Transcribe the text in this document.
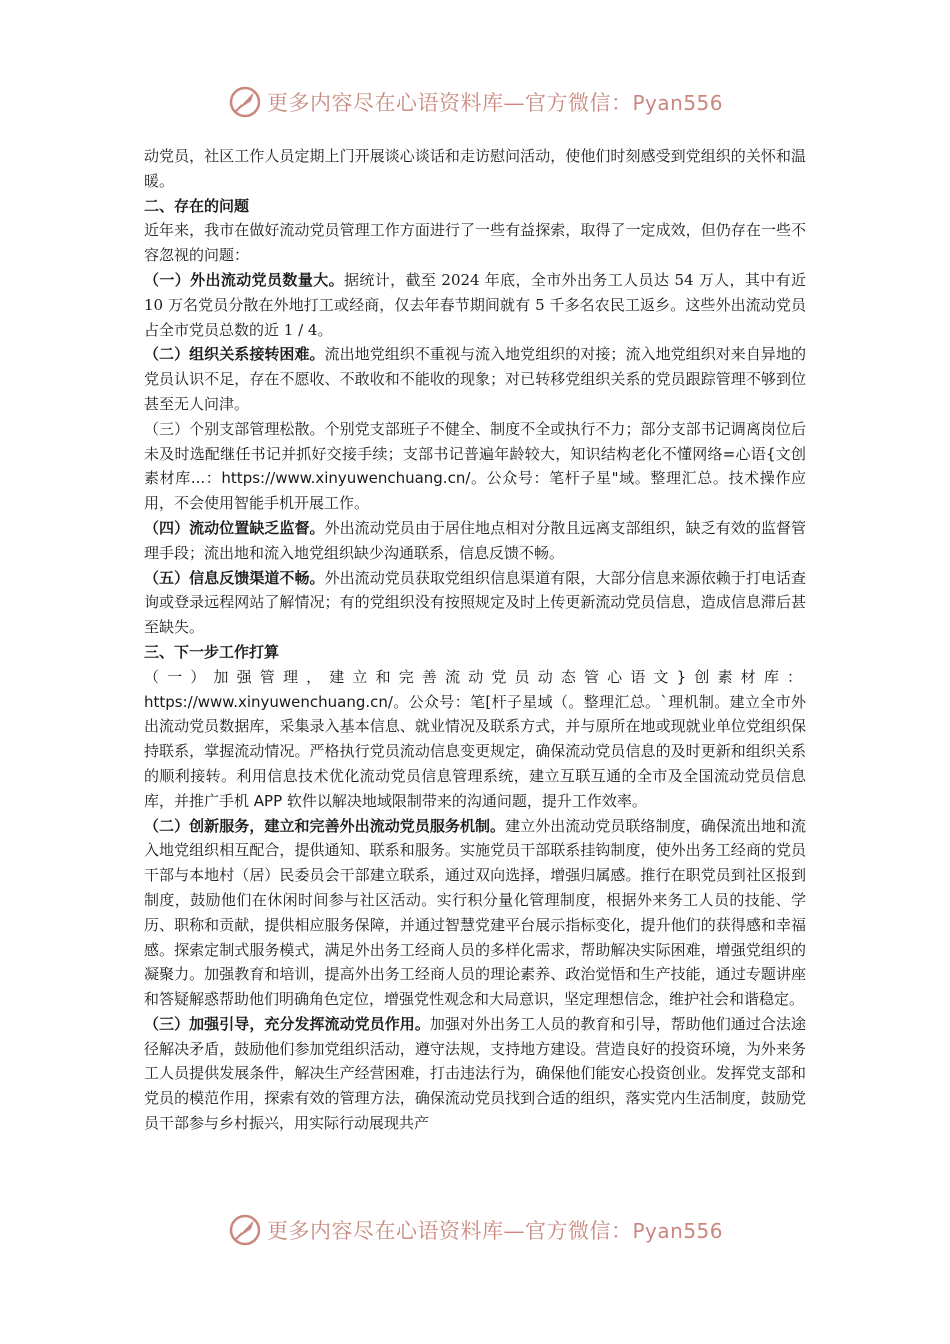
更多内容尽在心语资料库—官方微信：Pyan556

动党员，社区工作人员定期上门开展谈心谈话和走访慰问活动，使他们时刻感受到党组织的关怀和温暖。

二、存在的问题

近年来，我市在做好流动党员管理工作方面进行了一些有益探索，取得了一定成效，但仍存在一些不容忽视的问题：

（一）外出流动党员数量大。据统计，截至 2024 年底，全市外出务工人员达 54 万人，其中有近 10 万名党员分散在外地打工或经商，仅去年春节期间就有 5 千多名农民工返乡。这些外出流动党员占全市党员总数的近 1 / 4。

（二）组织关系接转困难。流出地党组织不重视与流入地党组织的对接；流入地党组织对来自异地的党员认识不足，存在不愿收、不敢收和不能收的现象；对已转移党组织关系的党员跟踪管理不够到位甚至无人问津。

（三）个别支部管理松散。个别党支部班子不健全、制度不全或执行不力；部分支部书记调离岗位后未及时选配继任书记并抓好交接手续；支部书记普遍年龄较大，知识结构老化不懂网络=心语{文创素材库...：https://www.xinyuwenchuang.cn/。公众号：笔杆子星"域。整理汇总。技术操作应用，不会使用智能手机开展工作。

（四）流动位置缺乏监督。外出流动党员由于居住地点相对分散且远离支部组织，缺乏有效的监督管理手段；流出地和流入地党组织缺少沟通联系，信息反馈不畅。

（五）信息反馈渠道不畅。外出流动党员获取党组织信息渠道有限，大部分信息来源依赖于打电话查询或登录远程网站了解情况；有的党组织没有按照规定及时上传更新流动党员信息，造成信息滞后甚至缺失。

三、下一步工作打算

（一）加强管理，建立和完善流动党员动态管心语文}创素材库：https://www.xinyuwenchuang.cn/。公众号：笔[杆子星域（。整理汇总。`理机制。建立全市外出流动党员数据库，采集录入基本信息、就业情况及联系方式，并与原所在地或现就业单位党组织保持联系，掌握流动情况。严格执行党员流动信息变更规定，确保流动党员信息的及时更新和组织关系的顺利接转。利用信息技术优化流动党员信息管理系统，建立互联互通的全市及全国流动党员信息库，并推广手机 APP 软件以解决地域限制带来的沟通问题，提升工作效率。

（二）创新服务，建立和完善外出流动党员服务机制。建立外出流动党员联络制度，确保流出地和流入地党组织相互配合，提供通知、联系和服务。实施党员干部联系挂钩制度，使外出务工经商的党员干部与本地村（居）民委员会干部建立联系，通过双向选择，增强归属感。推行在职党员到社区报到制度，鼓励他们在休闲时间参与社区活动。实行积分量化管理制度，根据外来务工人员的技能、学历、职称和贡献，提供相应服务保障，并通过智慧党建平台展示指标变化，提升他们的获得感和幸福感。探索定制式服务模式，满足外出务工经商人员的多样化需求，帮助解决实际困难，增强党组织的凝聚力。加强教育和培训，提高外出务工经商人员的理论素养、政治觉悟和生产技能，通过专题讲座和答疑解惑帮助他们明确角色定位，增强党性观念和大局意识，坚定理想信念，维护社会和谐稳定。

（三）加强引导，充分发挥流动党员作用。加强对外出务工人员的教育和引导，帮助他们通过合法途径解决矛盾，鼓励他们参加党组织活动，遵守法规，支持地方建设。营造良好的投资环境，为外来务工人员提供发展条件，解决生产经营困难，打击违法行为，确保他们能安心投资创业。发挥党支部和党员的模范作用，探索有效的管理方法，确保流动党员找到合适的组织，落实党内生活制度，鼓励党员干部参与乡村振兴，用实际行动展现共产

更多内容尽在心语资料库—官方微信：Pyan556
